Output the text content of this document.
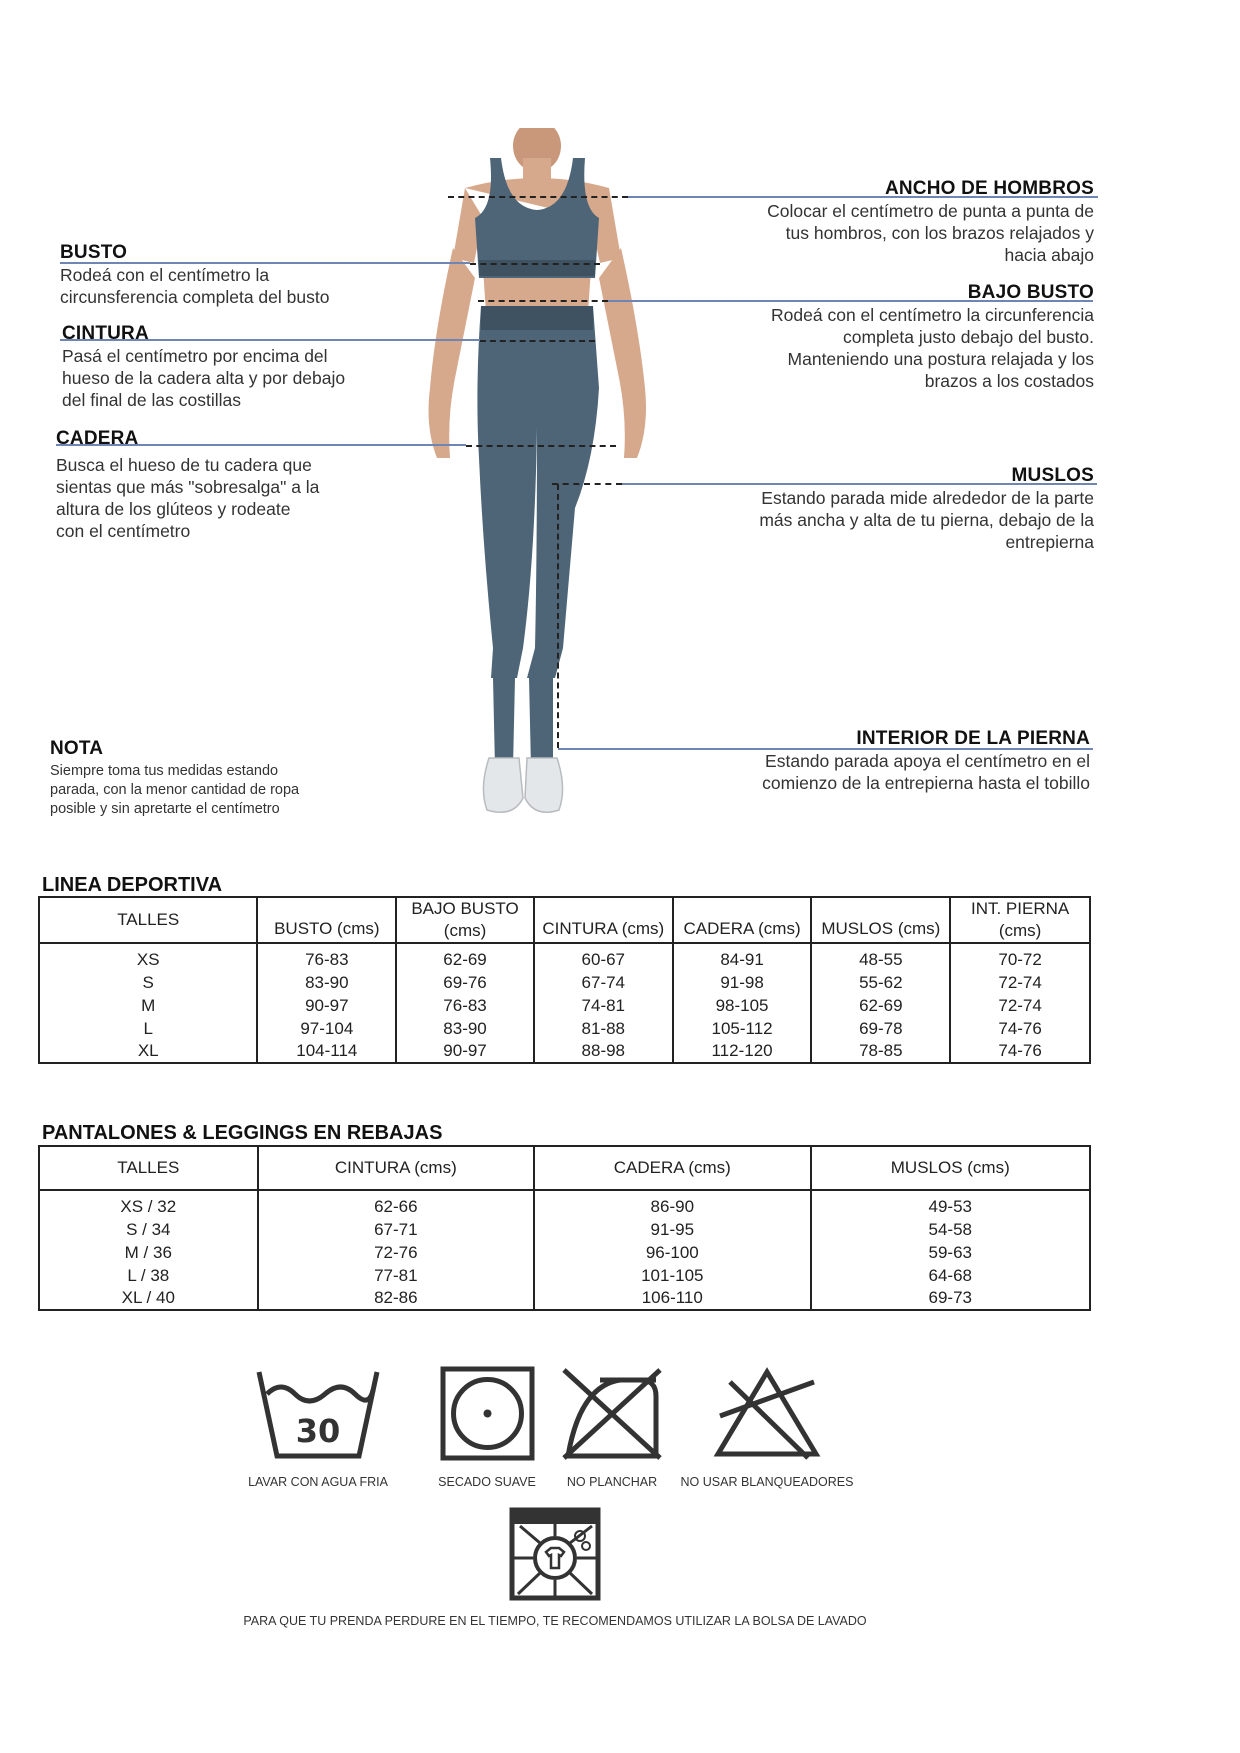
ANCHO DE HOMBROS
Colocar el centímetro de punta a punta de
tus hombros, con los brazos relajados y
hacia abajo
BUSTO
Rodeá con el centímetro la
circunsferencia completa del busto	BAJO BUSTO
Rodeá con el centímetro la circunferencia
completa justo debajo del busto.
Manteniendo una postura relajada y los
brazos a los costados
CINTURA
Pasá el centímetro por encima del
hueso de la cadera alta y por debajo
del final de las costillas
CADERA
Busca el hueso de tu cadera que
sientas que más "sobresalga" a la
altura de los glúteos y rodeate
con el centímetro
MUSLOS
Estando parada mide alrededor de la parte
más ancha y alta de tu pierna, debajo de la
entrepierna
INTERIOR DE LA PIERNA
Estando parada apoya el centímetro en el
comienzo de la entrepierna hasta el tobillo
NOTA
Siempre toma tus medidas estando
parada, con la menor cantidad de ropa
posible y sin apretarte el centímetro
LINEA DEPORTIVA
TALLES	BUSTO (cms)	BAJO BUSTO (cms)	CINTURA (cms)	CADERA (cms)	MUSLOS (cms)	INT. PIERNA (cms)
XS	76-83	62-69	60-67	84-91	48-55	70-72
S	83-90	69-76	67-74	91-98	55-62	72-74
M	90-97	76-83	74-81	98-105	62-69	72-74
L	97-104	83-90	81-88	105-112	69-78	74-76
XL	104-114	90-97	88-98	112-120	78-85	74-76
PANTALONES & LEGGINGS EN REBAJAS
TALLES	CINTURA (cms)	CADERA (cms)	MUSLOS (cms)
XS / 32	62-66	86-90	49-53
S / 34	67-71	91-95	54-58
M / 36	72-76	96-100	59-63
L / 38	77-81	101-105	64-68
XL / 40	82-86	106-110	69-73
30
LAVAR CON AGUA FRIA	SECADO SUAVE	NO PLANCHAR	NO USAR BLANQUEADORES
PARA QUE TU PRENDA PERDURE EN EL TIEMPO, TE RECOMENDAMOS UTILIZAR LA BOLSA DE LAVADO
